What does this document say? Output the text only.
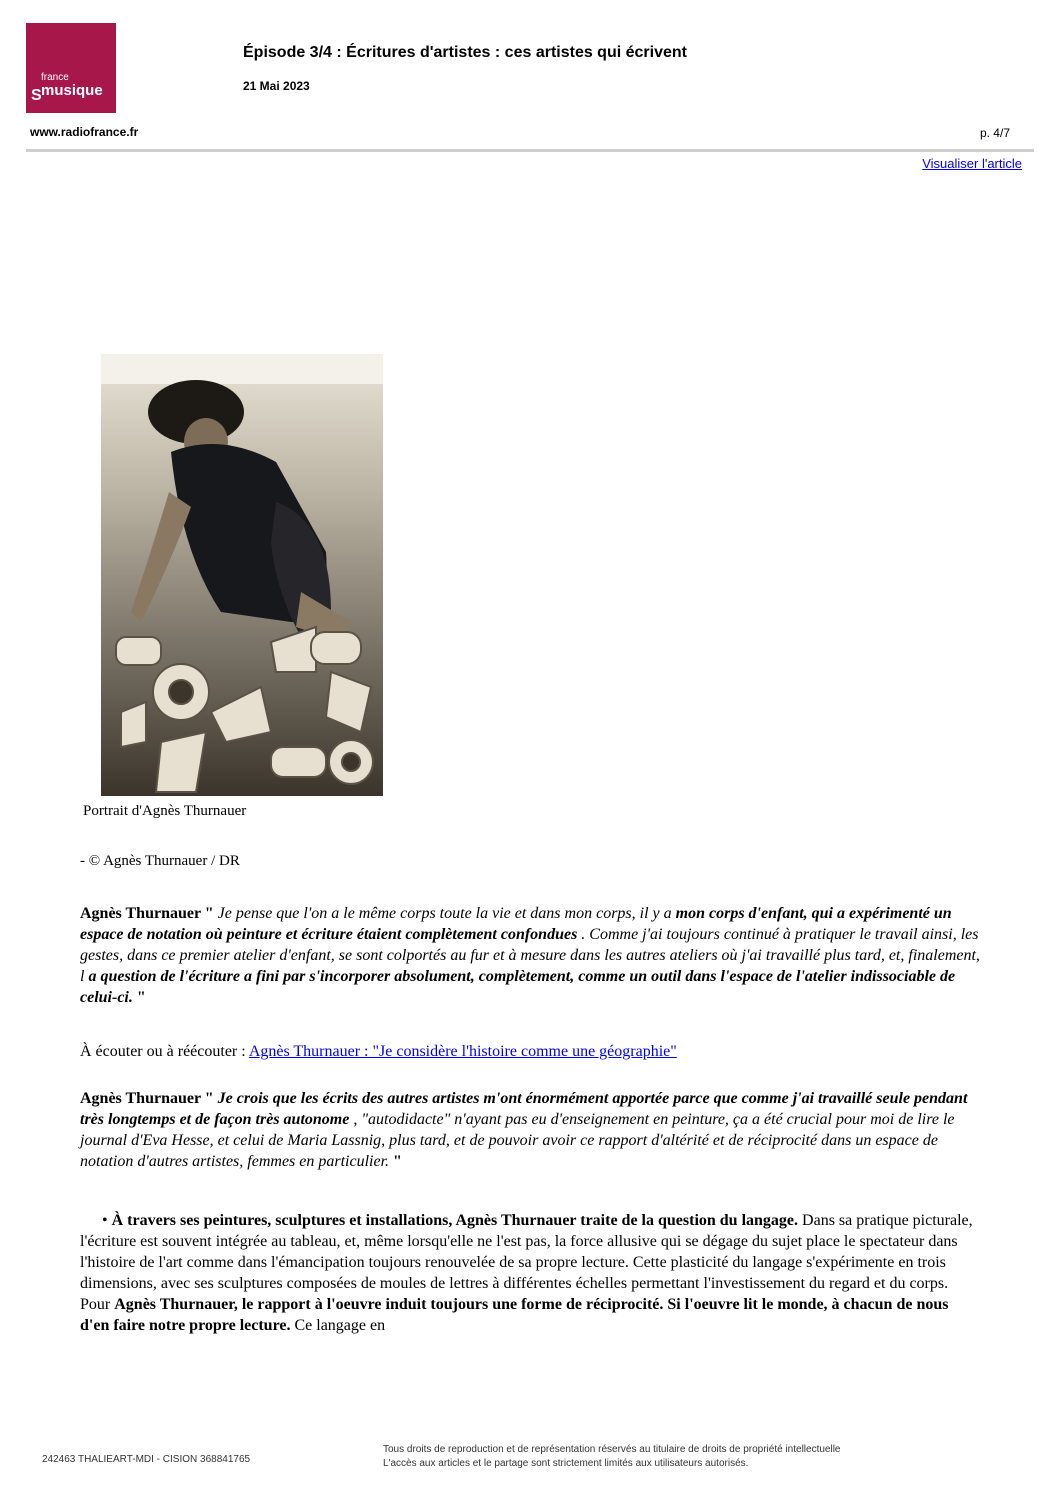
S
france
musique
Épisode 3/4 : Écritures d'artistes : ces artistes qui écrivent
21 Mai 2023
www.radiofrance.fr	p. 4/7
Visualiser l'article
Portrait d'Agnès Thurnauer
- © Agnès Thurnauer / DR

Agnès Thurnauer " Je pense que l'on a le même corps toute la vie et dans mon corps, il y a mon corps d'enfant, qui a expérimenté un espace de notation où peinture et écriture étaient complètement confondues . Comme j'ai toujours continué à pratiquer le travail ainsi, les gestes, dans ce premier atelier d'enfant, se sont colportés au fur et à mesure dans les autres ateliers où j'ai travaillé plus tard, et, finalement, l a question de l'écriture a fini par s'incorporer absolument, complètement, comme un outil dans l'espace de l'atelier indissociable de celui-ci. "

À écouter ou à réécouter : Agnès Thurnauer : "Je considère l'histoire comme une géographie"

Agnès Thurnauer " Je crois que les écrits des autres artistes m'ont énormément apportée parce que comme j'ai travaillé seule pendant très longtemps et de façon très autonome , "autodidacte" n'ayant pas eu d'enseignement en peinture, ça a été crucial pour moi de lire le journal d'Eva Hesse, et celui de Maria Lassnig, plus tard, et de pouvoir avoir ce rapport d'altérité et de réciprocité dans un espace de notation d'autres artistes, femmes en particulier. "

• À travers ses peintures, sculptures et installations, Agnès Thurnauer traite de la question du langage. Dans sa pratique picturale, l'écriture est souvent intégrée au tableau, et, même lorsqu'elle ne l'est pas, la force allusive qui se dégage du sujet place le spectateur dans l'histoire de l'art comme dans l'émancipation toujours renouvelée de sa propre lecture. Cette plasticité du langage s'expérimente en trois dimensions, avec ses sculptures composées de moules de lettres à différentes échelles permettant l'investissement du regard et du corps. Pour Agnès Thurnauer, le rapport à l'oeuvre induit toujours une forme de réciprocité. Si l'oeuvre lit le monde, à chacun de nous d'en faire notre propre lecture. Ce langage en

242463 THALIEART-MDI - CISION 368841765
Tous droits de reproduction et de représentation réservés au titulaire de droits de propriété intellectuelle
L'accès aux articles et le partage sont strictement limités aux utilisateurs autorisés.
